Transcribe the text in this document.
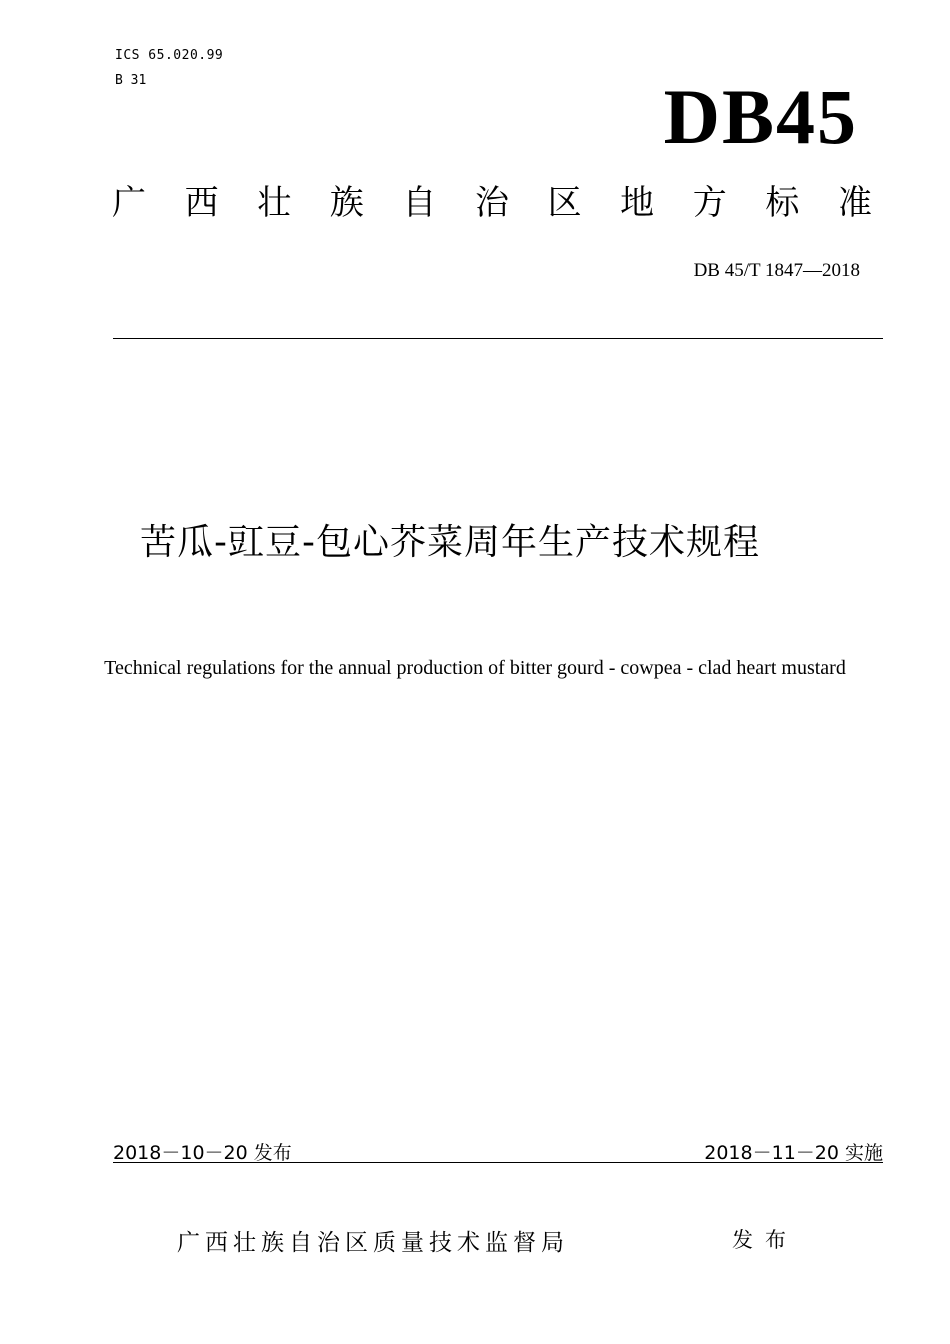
ICS 65.020.99
B 31	DB45
广 西 壮 族 自 治 区 地 方 标 准
DB 45/T 1847—2018
苦瓜-豇豆-包心芥菜周年生产技术规程
Technical regulations for the annual production of bitter gourd - cowpea - clad heart mustard
2018－10－20 发布	2018－11－20 实施
广西壮族自治区质量技术监督局	发布
